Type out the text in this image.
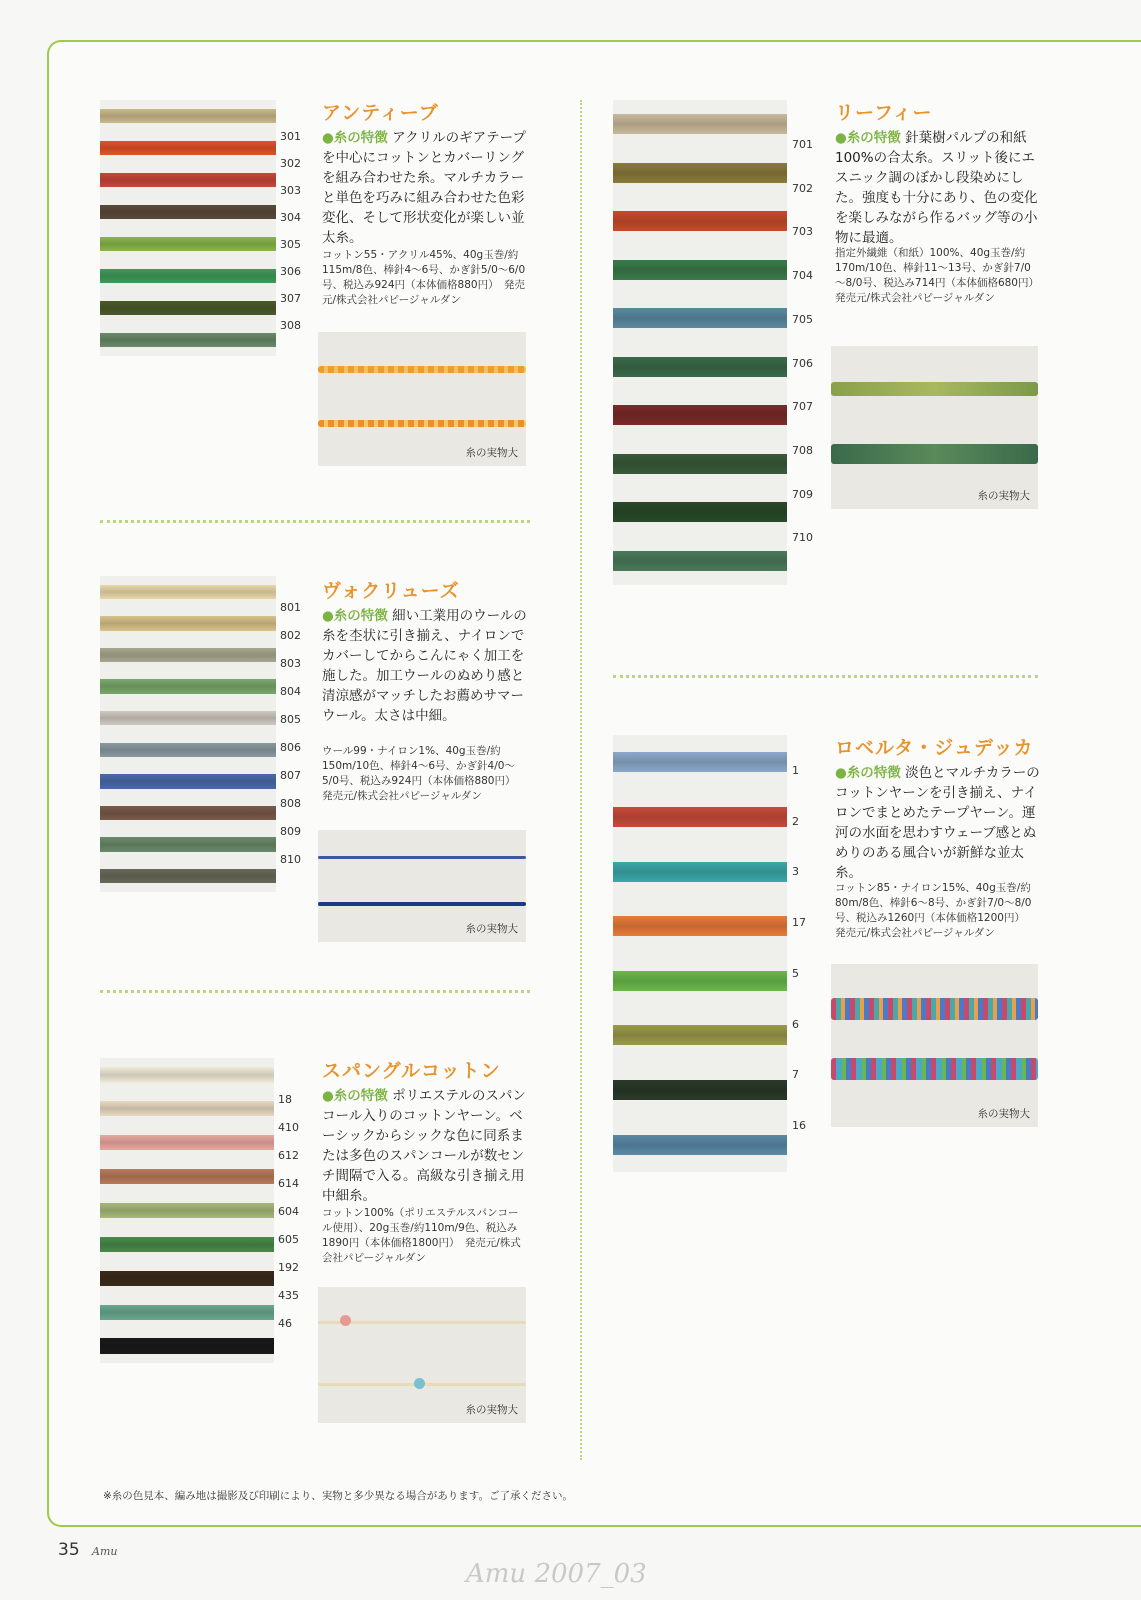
アンティーブ
●糸の特徴 アクリルのギアテープを中心にコットンとカバーリングを組み合わせた糸。マルチカラーと単色を巧みに組み合わせた色彩変化、そして形状変化が楽しい並太糸。
コットン55・アクリル45%、40g玉巻/約115m/8色、棒針4～6号、かぎ針5/0～6/0号、税込み924円（本体価格880円）　発売元/株式会社パピージャルダン
糸の実物大
ヴォクリューズ
●糸の特徴 細い工業用のウールの糸を杢状に引き揃え、ナイロンでカバーしてからこんにゃく加工を施した。加工ウールのぬめり感と清涼感がマッチしたお薦めサマーウール。太さは中細。
ウール99・ナイロン1%、40g玉巻/約150m/10色、棒針4～6号、かぎ針4/0～5/0号、税込み924円（本体価格880円）　発売元/株式会社パピージャルダン
糸の実物大
スパングルコットン
●糸の特徴 ポリエステルのスパンコール入りのコットンヤーン。ベーシックからシックな色に同系または多色のスパンコールが数センチ間隔で入る。高級な引き揃え用中細糸。
コットン100%（ポリエステルスパンコール使用）、20g玉巻/約110m/9色、税込み1890円（本体価格1800円）　発売元/株式会社パピージャルダン
糸の実物大
リーフィー
●糸の特徴 針葉樹パルプの和紙100%の合太糸。スリット後にエスニック調のぼかし段染めにした。強度も十分にあり、色の変化を楽しみながら作るバッグ等の小物に最適。
指定外繊維（和紙）100%、40g玉巻/約170m/10色、棒針11～13号、かぎ針7/0～8/0号、税込み714円（本体価格680円）　発売元/株式会社パピージャルダン
糸の実物大
ロベルタ・ジュデッカ
●糸の特徴 淡色とマルチカラーのコットンヤーンを引き揃え、ナイロンでまとめたテープヤーン。運河の水面を思わすウェーブ感とぬめりのある風合いが新鮮な並太糸。
コットン85・ナイロン15%、40g玉巻/約80m/8色、棒針6～8号、かぎ針7/0～8/0号、税込み1260円（本体価格1200円）　発売元/株式会社パピージャルダン
糸の実物大
※糸の色見本、編み地は撮影及び印刷により、実物と多少異なる場合があります。ご了承ください。
35 Amu
Amu 2007_03
301
302
303
304
305
306
307
308
801
802
803
804
805
806
807
808
809
810
18
410
612
614
604
605
192
435
46
701
702
703
704
705
706
707
708
709
710
1
2
3
17
5
6
7
16
